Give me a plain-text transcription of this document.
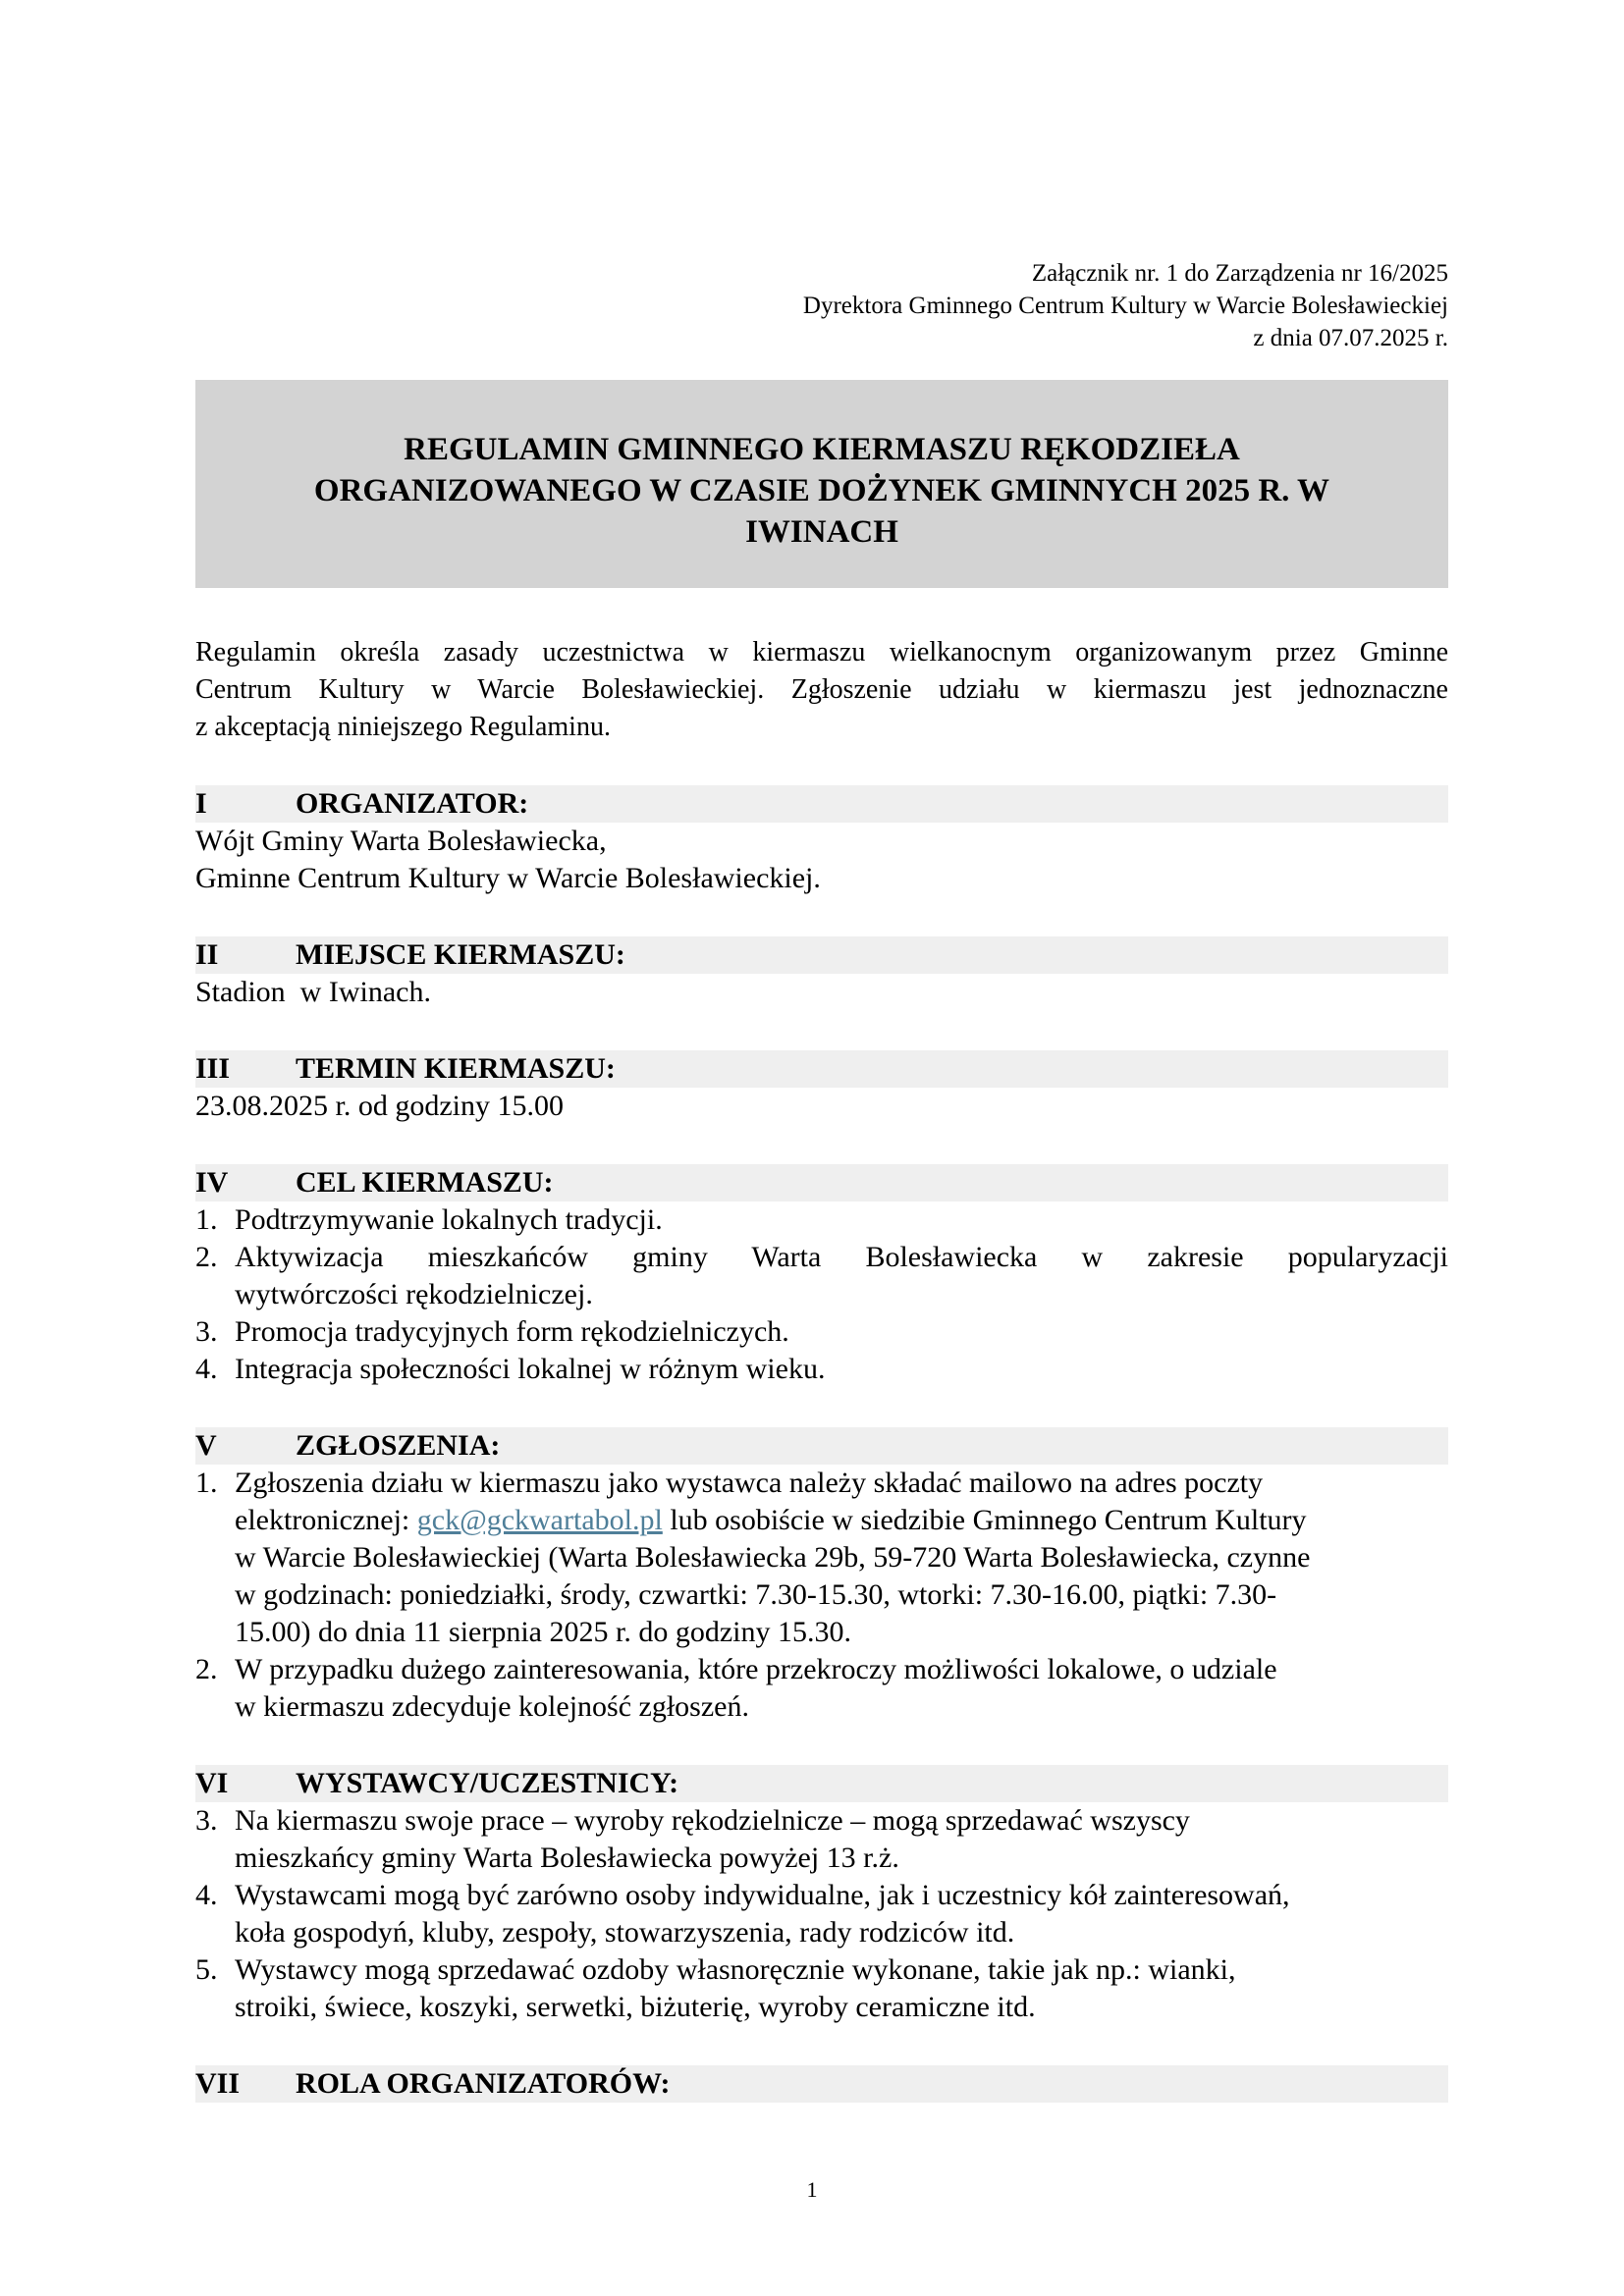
Załącznik nr. 1 do Zarządzenia nr 16/2025
Dyrektora Gminnego Centrum Kultury w Warcie Bolesławieckiej
z dnia 07.07.2025 r.
REGULAMIN GMINNEGO KIERMASZU RĘKODZIEŁA
ORGANIZOWANEGO W CZASIE DOŻYNEK GMINNYCH 2025 R. W
IWINACH
Regulamin określa zasady uczestnictwa w kiermaszu wielkanocnym organizowanym przez Gminne
Centrum Kultury w Warcie Bolesławieckiej. Zgłoszenie udziału w kiermaszu jest jednoznaczne
z akceptacją niniejszego Regulaminu.
I	ORGANIZATOR:
Wójt Gminy Warta Bolesławiecka,
Gminne Centrum Kultury w Warcie Bolesławieckiej.
II	MIEJSCE KIERMASZU:
Stadion  w Iwinach.
III	TERMIN KIERMASZU:
23.08.2025 r. od godziny 15.00
IV	CEL KIERMASZU:
1. Podtrzymywanie lokalnych tradycji.
2. Aktywizacja mieszkańców gminy Warta Bolesławiecka w zakresie popularyzacji
wytwórczości rękodzielniczej.
3. Promocja tradycyjnych form rękodzielniczych.
4. Integracja społeczności lokalnej w różnym wieku.
V	ZGŁOSZENIA:
1. Zgłoszenia działu w kiermaszu jako wystawca należy składać mailowo na adres poczty
elektronicznej: gck@gckwartabol.pl lub osobiście w siedzibie Gminnego Centrum Kultury
w Warcie Bolesławieckiej (Warta Bolesławiecka 29b, 59-720 Warta Bolesławiecka, czynne
w godzinach: poniedziałki, środy, czwartki: 7.30-15.30, wtorki: 7.30-16.00, piątki: 7.30-
15.00) do dnia 11 sierpnia 2025 r. do godziny 15.30.
2. W przypadku dużego zainteresowania, które przekroczy możliwości lokalowe, o udziale
w kiermaszu zdecyduje kolejność zgłoszeń.
VI	WYSTAWCY/UCZESTNICY:
3. Na kiermaszu swoje prace – wyroby rękodzielnicze – mogą sprzedawać wszyscy
mieszkańcy gminy Warta Bolesławiecka powyżej 13 r.ż.
4. Wystawcami mogą być zarówno osoby indywidualne, jak i uczestnicy kół zainteresowań,
koła gospodyń, kluby, zespoły, stowarzyszenia, rady rodziców itd.
5. Wystawcy mogą sprzedawać ozdoby własnoręcznie wykonane, takie jak np.: wianki,
stroiki, świece, koszyki, serwetki, biżuterię, wyroby ceramiczne itd.
VII	ROLA ORGANIZATORÓW:
1
